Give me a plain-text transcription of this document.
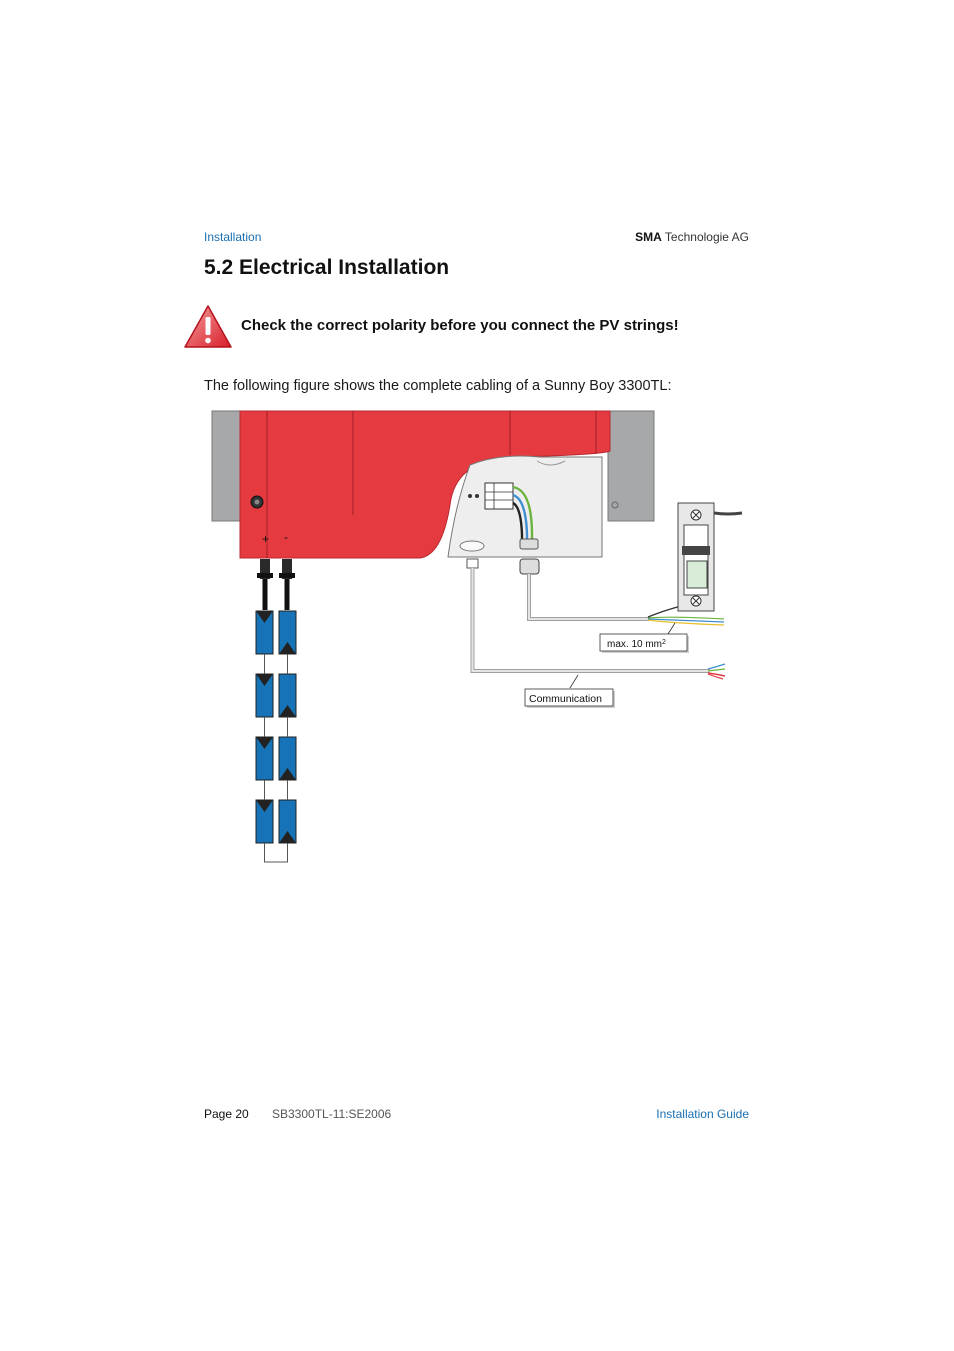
Installation	SMA Technologie AG
5.2 Electrical Installation
Check the correct polarity before you connect the PV strings!
The following figure shows the complete cabling of a Sunny Boy 3300TL:
+ -
max. 10 $mm^2$
Communication
Page 20 SB3300TL-11:SE2006	Installation Guide
